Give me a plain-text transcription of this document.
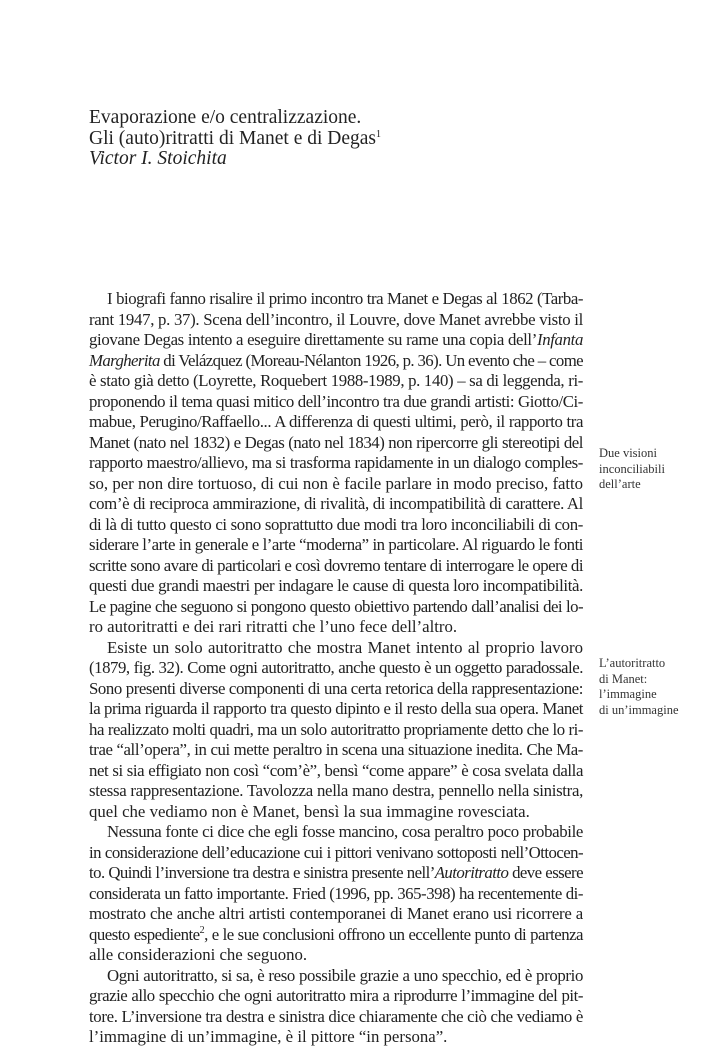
Evaporazione e/o centralizzazione.
Gli (auto)ritratti di Manet e di Degas$^1$
Victor I. Stoichita
I biografi fanno risalire il primo incontro tra Manet e Degas al 1862 (Tarba-
rant 1947, p. 37). Scena dell’incontro, il Louvre, dove Manet avrebbe visto il
giovane Degas intento a eseguire direttamente su rame una copia dell’Infanta
Margherita di Velázquez (Moreau-Nélanton 1926, p. 36). Un evento che – come
è stato già detto (Loyrette, Roquebert 1988-1989, p. 140) – sa di leggenda, ri-
proponendo il tema quasi mitico dell’incontro tra due grandi artisti: Giotto/Ci-
mabue, Perugino/Raffaello... A differenza di questi ultimi, però, il rapporto tra
Manet (nato nel 1832) e Degas (nato nel 1834) non ripercorre gli stereotipi del
rapporto maestro/allievo, ma si trasforma rapidamente in un dialogo comples-
so, per non dire tortuoso, di cui non è facile parlare in modo preciso, fatto
com’è di reciproca ammirazione, di rivalità, di incompatibilità di carattere. Al
di là di tutto questo ci sono soprattutto due modi tra loro inconciliabili di con-
siderare l’arte in generale e l’arte “moderna” in particolare. Al riguardo le fonti
scritte sono avare di particolari e così dovremo tentare di interrogare le opere di
questi due grandi maestri per indagare le cause di questa loro incompatibilità.
Le pagine che seguono si pongono questo obiettivo partendo dall’analisi dei lo-
ro autoritratti e dei rari ritratti che l’uno fece dell’altro.
Esiste un solo autoritratto che mostra Manet intento al proprio lavoro
(1879, fig. 32). Come ogni autoritratto, anche questo è un oggetto paradossale.
Sono presenti diverse componenti di una certa retorica della rappresentazione:
la prima riguarda il rapporto tra questo dipinto e il resto della sua opera. Manet
ha realizzato molti quadri, ma un solo autoritratto propriamente detto che lo ri-
trae “all’opera”, in cui mette peraltro in scena una situazione inedita. Che Ma-
net si sia effigiato non così “com’è”, bensì “come appare” è cosa svelata dalla
stessa rappresentazione. Tavolozza nella mano destra, pennello nella sinistra,
quel che vediamo non è Manet, bensì la sua immagine rovesciata.
Nessuna fonte ci dice che egli fosse mancino, cosa peraltro poco probabile
in considerazione dell’educazione cui i pittori venivano sottoposti nell’Ottocen-
to. Quindi l’inversione tra destra e sinistra presente nell’Autoritratto deve essere
considerata un fatto importante. Fried (1996, pp. 365-398) ha recentemente di-
mostrato che anche altri artisti contemporanei di Manet erano usi ricorrere a
questo espediente$^2$, e le sue conclusioni offrono un eccellente punto di partenza
alle considerazioni che seguono.
Ogni autoritratto, si sa, è reso possibile grazie a uno specchio, ed è proprio
grazie allo specchio che ogni autoritratto mira a riprodurre l’immagine del pit-
tore. L’inversione tra destra e sinistra dice chiaramente che ciò che vediamo è
l’immagine di un’immagine, è il pittore “in persona”.
Due visioni
inconciliabili
dell’arte
L’autoritratto
di Manet:
l’immagine
di un’immagine
